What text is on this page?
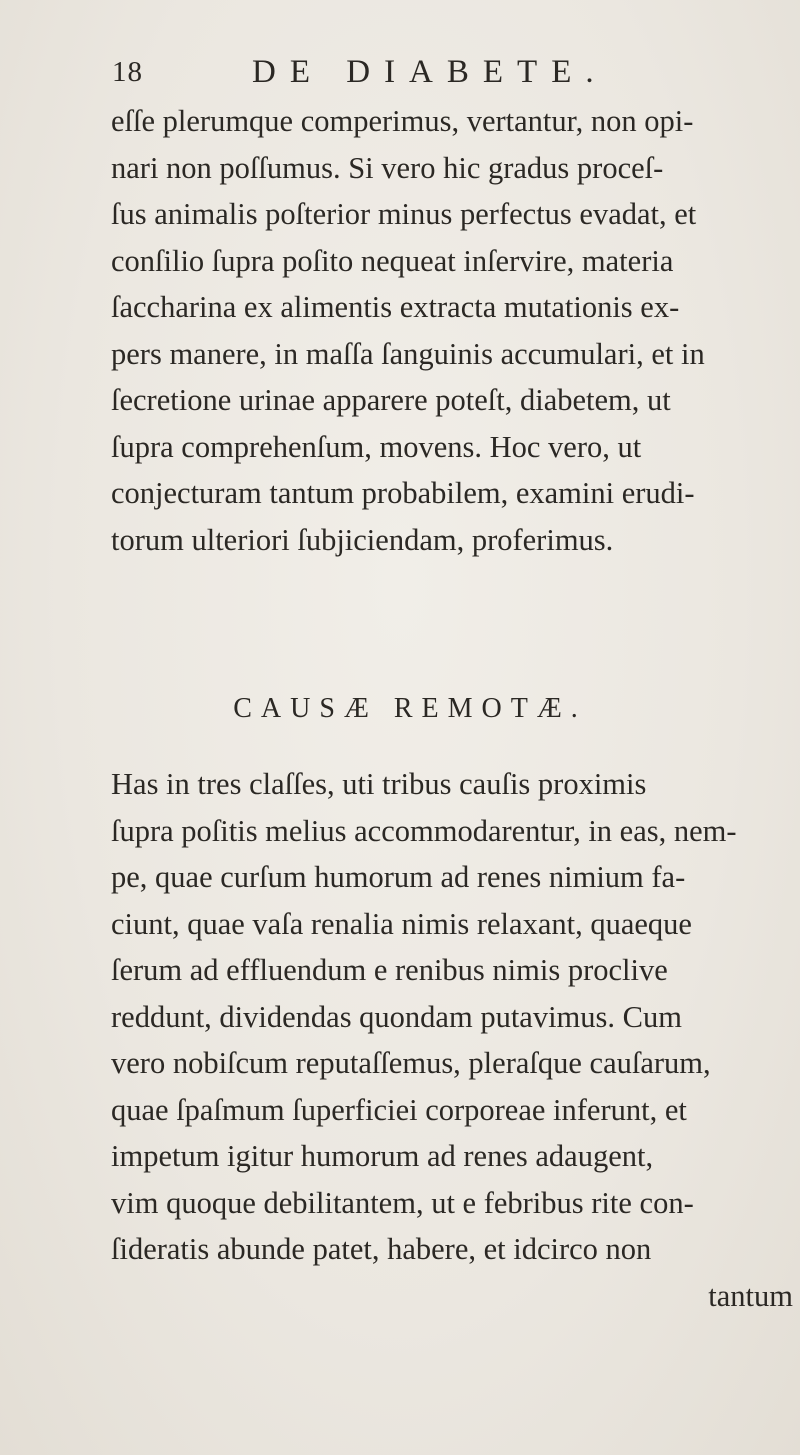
18	DE DIABETE.
eſſe plerumque comperimus, vertantur, non opi-
nari non poſſumus. Si vero hic gradus proceſ-
ſus animalis poſterior minus perfectus evadat, et
conſilio ſupra poſito nequeat inſervire, materia
ſaccharina ex alimentis extracta mutationis ex-
pers manere, in maſſa ſanguinis accumulari, et in
ſecretione urinae apparere poteſt, diabetem, ut
ſupra comprehenſum, movens. Hoc vero, ut
conjecturam tantum probabilem, examini erudi-
torum ulteriori ſubjiciendam, proferimus.
CAUSÆ REMOTÆ.
Has in tres claſſes, uti tribus cauſis proximis
ſupra poſitis melius accommodarentur, in eas, nem-
pe, quae curſum humorum ad renes nimium fa-
ciunt, quae vaſa renalia nimis relaxant, quaeque
ſerum ad effluendum e renibus nimis proclive
reddunt, dividendas quondam putavimus. Cum
vero nobiſcum reputaſſemus, pleraſque cauſarum,
quae ſpaſmum ſuperficiei corporeae inferunt, et
impetum igitur humorum ad renes adaugent,
vim quoque debilitantem, ut e febribus rite con-
ſideratis abunde patet, habere, et idcirco non
tantum
